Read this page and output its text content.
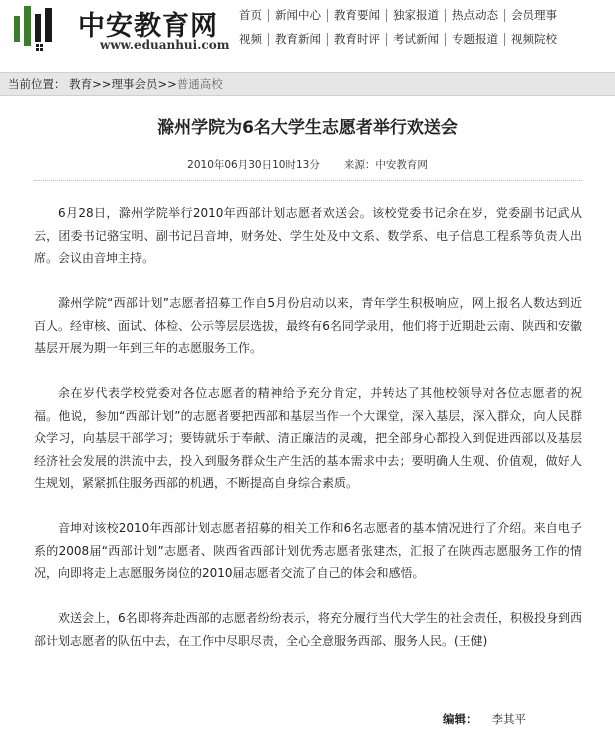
中安教育网
www.eduanhui.com
首页 新闻中心 教育要闻 独家报道 热点动态 会员理事
视频 教育新闻 教育时评 考试新闻 专题报道 视频院校
当前位置： 教育>>理事会员>>普通高校
滁州学院为6名大学生志愿者举行欢送会
2010年06月30日10时13分 来源：中安教育网

6月28日，滁州学院举行2010年西部计划志愿者欢送会。该校党委书记余在岁，党委副书记武从云，团委书记骆宝明、副书记吕音坤，财务处、学生处及中文系、数学系、电子信息工程系等负责人出席。会议由音坤主持。

滁州学院“西部计划”志愿者招募工作自5月份启动以来，青年学生积极响应，网上报名人数达到近百人。经审核、面试、体检、公示等层层选拔，最终有6名同学录用，他们将于近期赴云南、陕西和安徽基层开展为期一年到三年的志愿服务工作。

余在岁代表学校党委对各位志愿者的精神给予充分肯定，并转达了其他校领导对各位志愿者的祝福。他说，参加“西部计划”的志愿者要把西部和基层当作一个大课堂，深入基层，深入群众，向人民群众学习，向基层干部学习；要铸就乐于奉献、清正廉洁的灵魂，把全部身心都投入到促进西部以及基层经济社会发展的洪流中去，投入到服务群众生产生活的基本需求中去；要明确人生观、价值观，做好人生规划，紧紧抓住服务西部的机遇，不断提高自身综合素质。

音坤对该校2010年西部计划志愿者招募的相关工作和6名志愿者的基本情况进行了介绍。来自电子系的2008届“西部计划”志愿者、陕西省西部计划优秀志愿者张建杰，汇报了在陕西志愿服务工作的情况，向即将走上志愿服务岗位的2010届志愿者交流了自己的体会和感悟。

欢送会上，6名即将奔赴西部的志愿者纷纷表示，将充分履行当代大学生的社会责任，积极投身到西部计划志愿者的队伍中去，在工作中尽职尽责，全心全意服务西部、服务人民。(王健)

编辑： 李其平
